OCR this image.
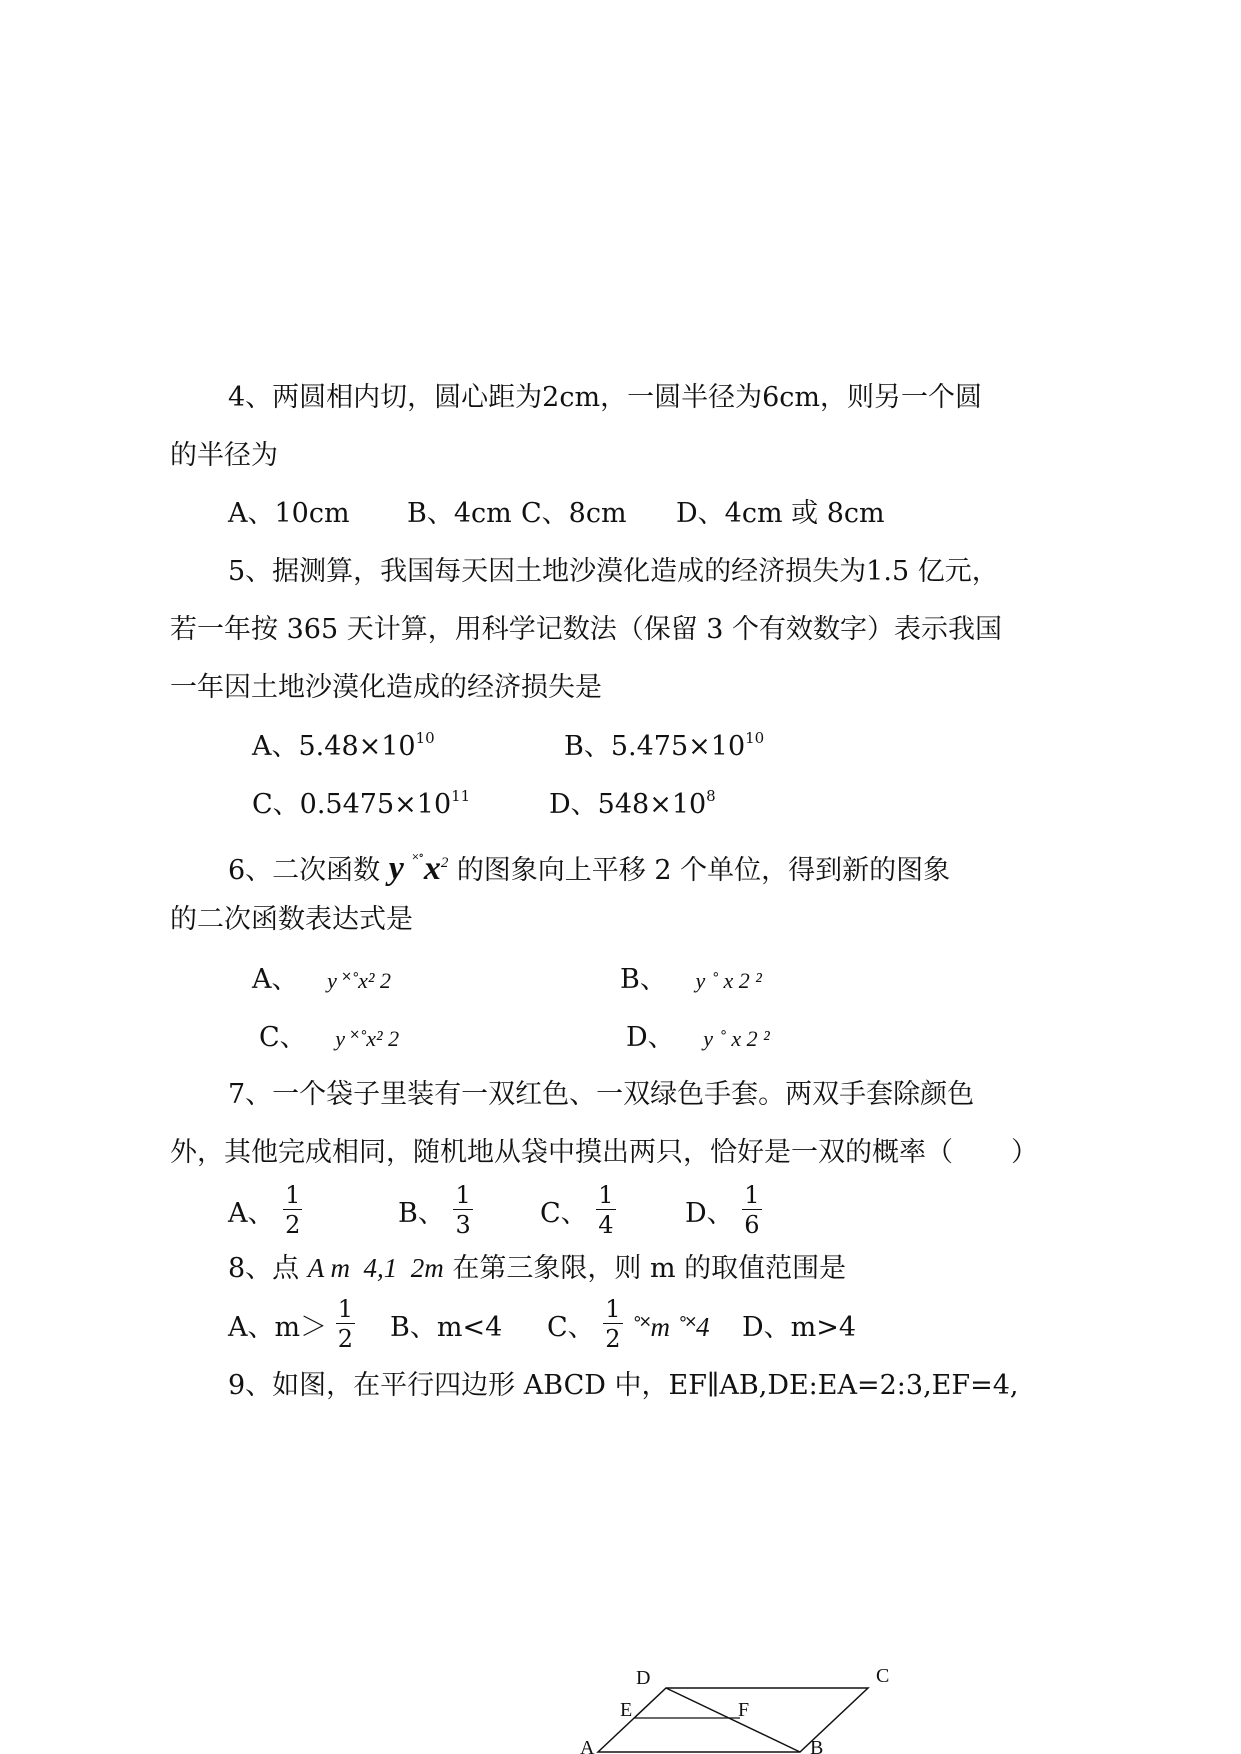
4、两圆相内切，圆心距为2cm，一圆半径为6cm，则另一个圆
的半径为
A、10cm B、4cm C、8cm D、4cm 或 8cm
5、据测算，我国每天因土地沙漠化造成的经济损失为1.5 亿元，
若一年按 365 天计算，用科学记数法（保留 3 个有效数字）表示我国
一年因土地沙漠化造成的经济损失是
A、$5.48\times 10^{10}$	B、$5.475\times 10^{10}$
C、$0.5475\times 10^{11}$	D、$548\times 10^8$
6、二次函数 y $^{˟˚}x^2$ 的图象向上平移 2 个单位，得到新的图象
的二次函数表达式是
A、 y ˟˚x² 2	B、 y ˚ x 2 ²
C、 y ˟˚x² 2	D、 y ˚ x 2 ²
7、一个袋子里装有一双红色、一双绿色手套。两双手套除颜色
外，其他完成相同，随机地从袋中摸出两只，恰好是一双的概率（ ）
A、 $\frac{1}{2}$	B、 $\frac{1}{3}$ C、 $\frac{1}{4}$	D、 $\frac{1}{6}$
8、点 A m  4,1  2m 在第三象限，则 m 的取值范围是
A、$m> \frac{1}{2}$ B、m<4 C、 $\frac{1}{2}$ ˚˟m ˚˟4 D、m>4
9、如图，在平行四边形 ABCD 中，EF∥AB,DE:EA=2:3,EF=4,
D	C
E	F
A	B
